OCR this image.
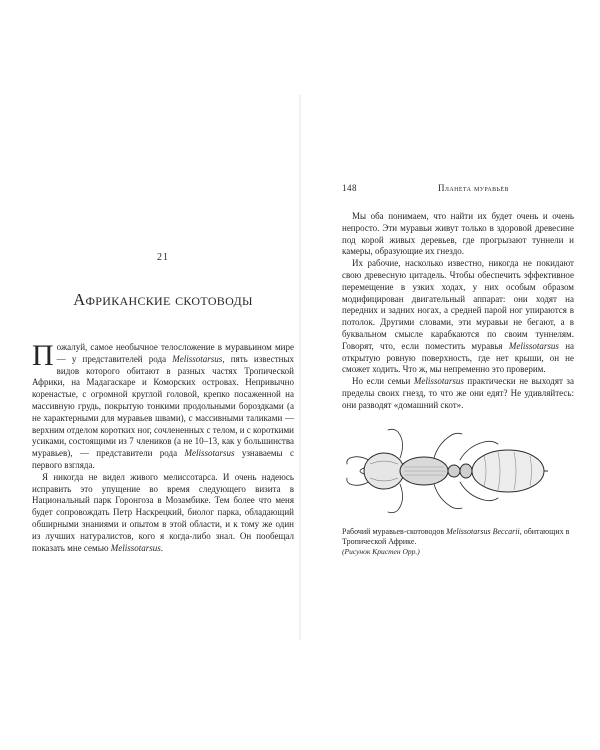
21
Африканские скотоводы

Пожалуй, самое необычное телосложение в муравьином мире — у представителей рода Melissotarsus, пять известных видов которого обитают в разных частях Тропической Африки, на Мадагаскаре и Коморских островах. Непривычно коренастые, с огромной круглой головой, крепко посаженной на массивную грудь, покрытую тонкими продольными бороздками (а не характерными для муравьев швами), с массивными таликами — верхним отделом коротких ног, сочлененных с телом, и с короткими усиками, состоящими из 7 члеников (а не 10–13, как у большинства муравьев), — представители рода Melissotarsus узнаваемы с первого взгляда.

Я никогда не видел живого мелиссотарса. И очень надеюсь исправить это упущение во время следующего визита в Национальный парк Горонгоза в Мозамбике. Тем более что меня будет сопровождать Петр Наскрецкий, биолог парка, обладающий обширными знаниями и опытом в этой области, и к тому же один из лучших натуралистов, кого я когда-либо знал. Он пообещал показать мне семью Melissotarsus.

148	Планета муравьёв

Мы оба понимаем, что найти их будет очень и очень непросто. Эти муравьи живут только в здоровой древесине под корой живых деревьев, где прогрызают туннели и камеры, образующие их гнездо.

Их рабочие, насколько известно, никогда не покидают свою древесную цитадель. Чтобы обеспечить эффективное перемещение в узких ходах, у них особым образом модифицирован двигательный аппарат: они ходят на передних и задних ногах, а средней парой ног упираются в потолок. Другими словами, эти муравьи не бегают, а в буквальном смысле карабкаются по своим туннелям. Говорят, что, если поместить муравья Melissotarsus на открытую ровную поверхность, где нет крыши, он не сможет ходить. Что ж, мы непременно это проверим.

Но если семьи Melissotarsus практически не выходят за пределы своих гнезд, то что же они едят? Не удивляйтесь: они разводят «домашний скот».

Рабочий муравьев-скотоводов Melissotarsus Beccarii, обитающих в Тропической Африке.
(Рисунок Кристен Орр.)
